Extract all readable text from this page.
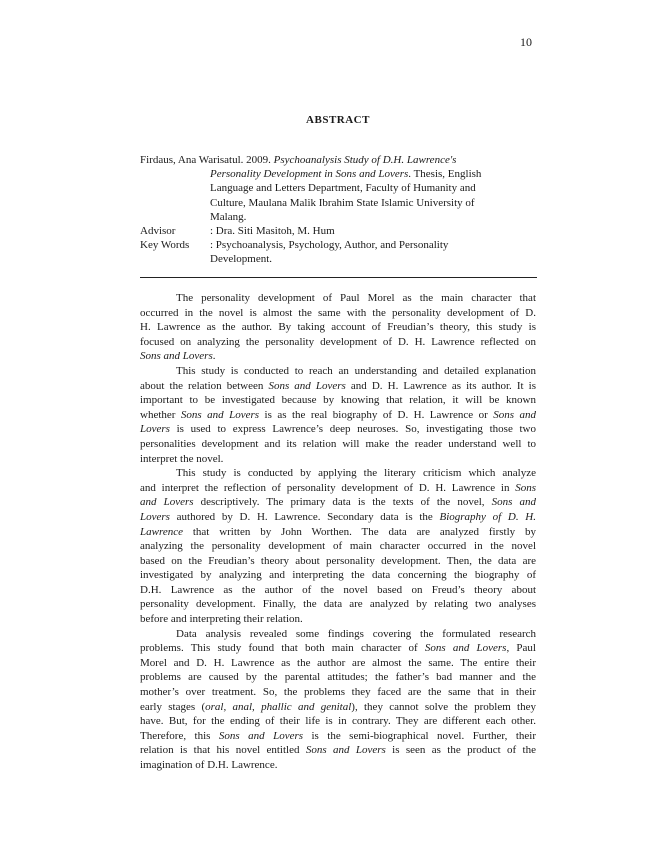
10
ABSTRACT
Firdaus, Ana Warisatul. 2009. Psychoanalysis Study of D.H. Lawrence's
Personality Development in Sons and Lovers. Thesis, English
Language and Letters Department, Faculty of Humanity and
Culture, Maulana Malik Ibrahim State Islamic University of
Malang.
Advisor	: Dra. Siti Masitoh, M. Hum
Key Words	: Psychoanalysis, Psychology, Author, and Personality
Development.
The personality development of Paul Morel as the main character that
occurred in the novel is almost the same with the personality development of D.
H. Lawrence as the author. By taking account of Freudian’s theory, this study is
focused on analyzing the personality development of D. H. Lawrence reflected on
Sons and Lovers.
This study is conducted to reach an understanding and detailed explanation
about the relation between Sons and Lovers and D. H. Lawrence as its author. It is
important to be investigated because by knowing that relation, it will be known
whether Sons and Lovers is as the real biography of D. H. Lawrence or Sons and
Lovers is used to express Lawrence’s deep neuroses. So, investigating those two
personalities development and its relation will make the reader understand well to
interpret the novel.
This study is conducted by applying the literary criticism which analyze
and interpret the reflection of personality development of D. H. Lawrence in Sons
and Lovers descriptively. The primary data is the texts of the novel, Sons and
Lovers authored by D. H. Lawrence. Secondary data is the Biography of D. H.
Lawrence that written by John Worthen. The data are analyzed firstly by
analyzing the personality development of main character occurred in the novel
based on the Freudian’s theory about personality development. Then, the data are
investigated by analyzing and interpreting the data concerning the biography of
D.H. Lawrence as the author of the novel based on Freud’s theory about
personality development. Finally, the data are analyzed by relating two analyses
before and interpreting their relation.
Data analysis revealed some findings covering the formulated research
problems. This study found that both main character of Sons and Lovers, Paul
Morel and D. H. Lawrence as the author are almost the same. The entire their
problems are caused by the parental attitudes; the father’s bad manner and the
mother’s over treatment. So, the problems they faced are the same that in their
early stages (oral, anal, phallic and genital), they cannot solve the problem they
have. But, for the ending of their life is in contrary. They are different each other.
Therefore, this Sons and Lovers is the semi-biographical novel. Further, their
relation is that his novel entitled Sons and Lovers is seen as the product of the
imagination of D.H. Lawrence.
